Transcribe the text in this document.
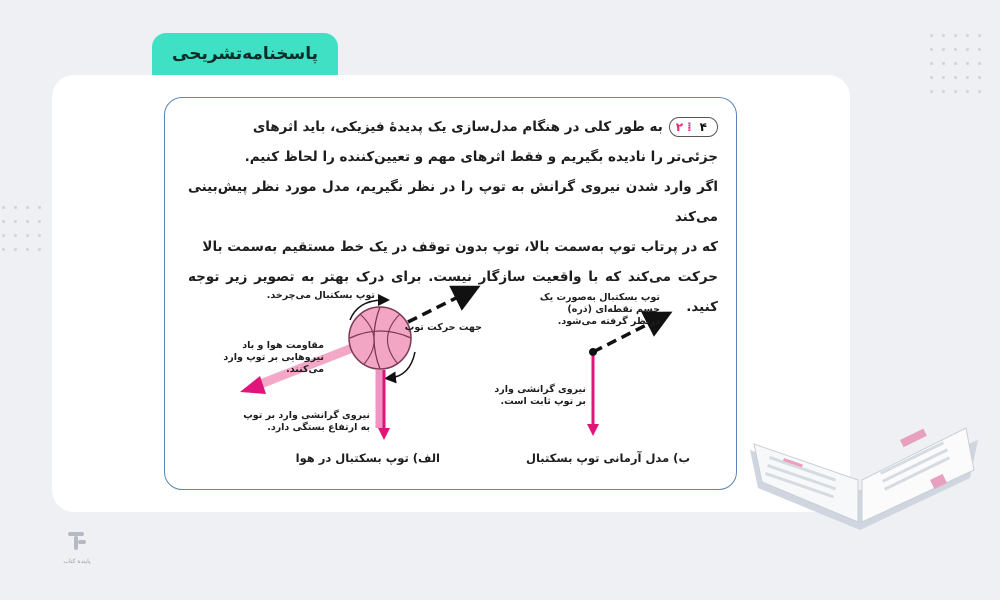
پاسخنامه‌تشریحی
۲ ⁞ ۴
به طور کلی در هنگام مدل‌سازی یک پدیدهٔ فیزیکی، باید اثرهای
جزئی‌تر را نادیده بگیریم و فقط اثرهای مهم و تعیین‌کننده را لحاظ کنیم.
اگر وارد شدن نیروی گرانش به توپ را در نظر نگیریم، مدل مورد نظر پیش‌بینی می‌کند
که در پرتاب توپ به‌سمت بالا، توپ بدون توقف در یک خط مستقیم به‌سمت بالا
حرکت می‌کند که با واقعیت سازگار نیست. برای درک بهتر به تصویر زیر توجه کنید.
توپ بسکتبال می‌چرخد.
جهت حرکت توپ
مقاومت هوا و باد
نیروهایی بر توپ وارد
می‌کنند.
نیروی گرانشی وارد بر توپ
به ارتفاع بستگی دارد.
الف) توپ بسکتبال در هوا
توپ بسکتبال به‌صورت یک
جسم نقطه‌ای (ذره)
درنظر گرفته می‌شود.
نیروی گرانشی وارد
بر توپ ثابت است.
ب) مدل آرمانی توپ بسکتبال
پاینده کتاب
